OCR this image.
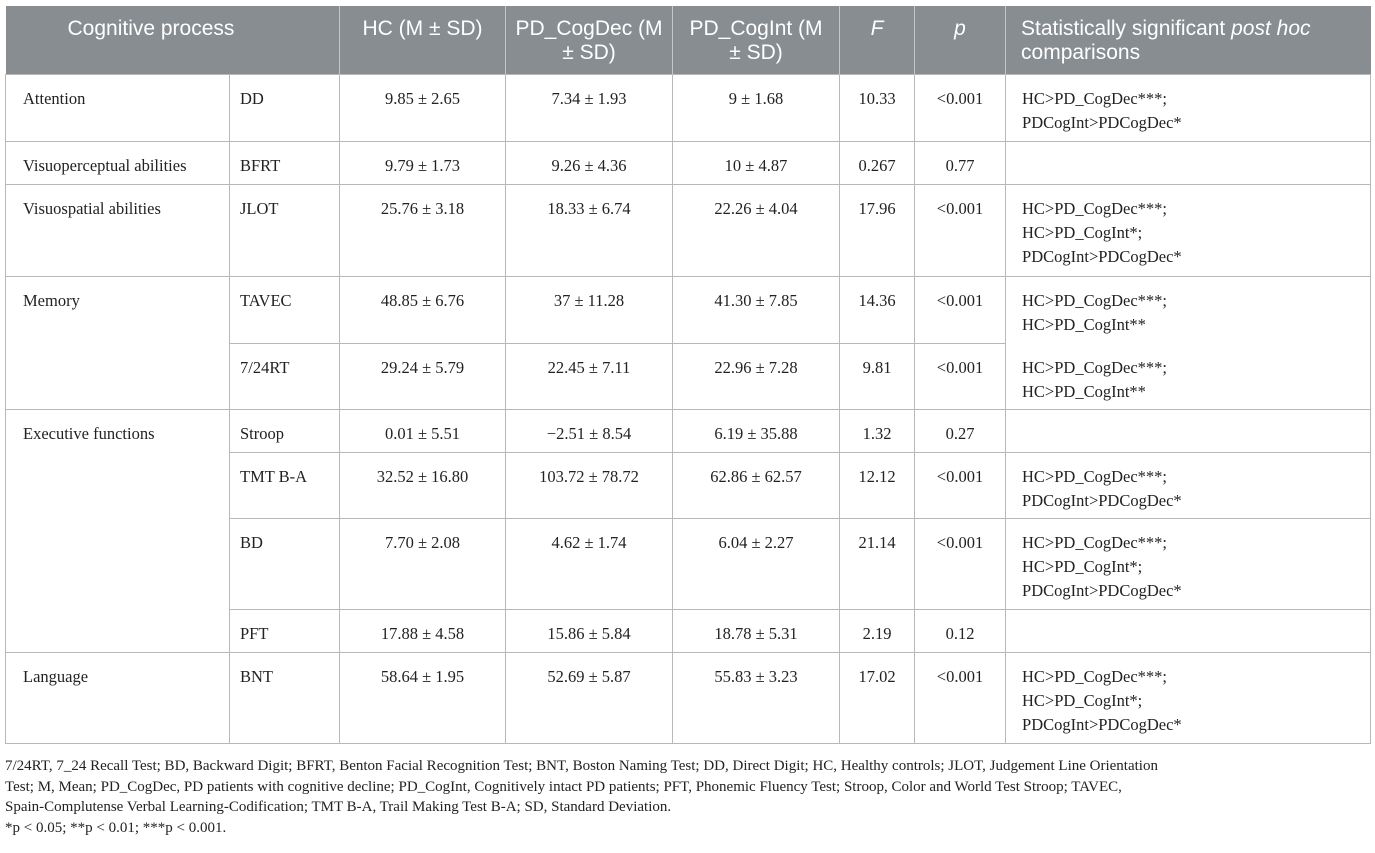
Cognitive process		HC (M ± SD)	PD_CogDec (M ± SD)	PD_CogInt (M ± SD)	F	p	Statistically significant post hoc comparisons
Attention	DD	9.85 ± 2.65	7.34 ± 1.93	9 ± 1.68	10.33	<0.001	HC>PD_CogDec***;
PDCogInt>PDCogDec*

Visuoperceptual abilities	BFRT	9.79 ± 1.73	9.26 ± 4.36	10 ± 4.87	0.267	0.77	
Visuospatial abilities	JLOT	25.76 ± 3.18	18.33 ± 6.74	22.26 ± 4.04	17.96	<0.001	HC>PD_CogDec***;
HC>PD_CogInt*;
PDCogInt>PDCogDec*

Memory	TAVEC	48.85 ± 6.76	37 ± 11.28	41.30 ± 7.85	14.36	<0.001	HC>PD_CogDec***;
HC>PD_CogInt**

	7/24RT	29.24 ± 5.79	22.45 ± 7.11	22.96 ± 7.28	9.81	<0.001	HC>PD_CogDec***;
HC>PD_CogInt**

Executive functions	Stroop	0.01 ± 5.51	−2.51 ± 8.54	6.19 ± 35.88	1.32	0.27	
	TMT B-A	32.52 ± 16.80	103.72 ± 78.72	62.86 ± 62.57	12.12	<0.001	HC>PD_CogDec***;
PDCogInt>PDCogDec*

	BD	7.70 ± 2.08	4.62 ± 1.74	6.04 ± 2.27	21.14	<0.001	HC>PD_CogDec***;
HC>PD_CogInt*;
PDCogInt>PDCogDec*

	PFT	17.88 ± 4.58	15.86 ± 5.84	18.78 ± 5.31	2.19	0.12	
Language	BNT	58.64 ± 1.95	52.69 ± 5.87	55.83 ± 3.23	17.02	<0.001	HC>PD_CogDec***;
HC>PD_CogInt*;
PDCogInt>PDCogDec*

7/24RT, 7_24 Recall Test; BD, Backward Digit; BFRT, Benton Facial Recognition Test; BNT, Boston Naming Test; DD, Direct Digit; HC, Healthy controls; JLOT, Judgement Line Orientation

Test; M, Mean; PD_CogDec, PD patients with cognitive decline; PD_CogInt, Cognitively intact PD patients; PFT, Phonemic Fluency Test; Stroop, Color and World Test Stroop; TAVEC,

Spain-Complutense Verbal Learning-Codification; TMT B-A, Trail Making Test B-A; SD, Standard Deviation.

*p < 0.05; **p < 0.01; ***p < 0.001.
